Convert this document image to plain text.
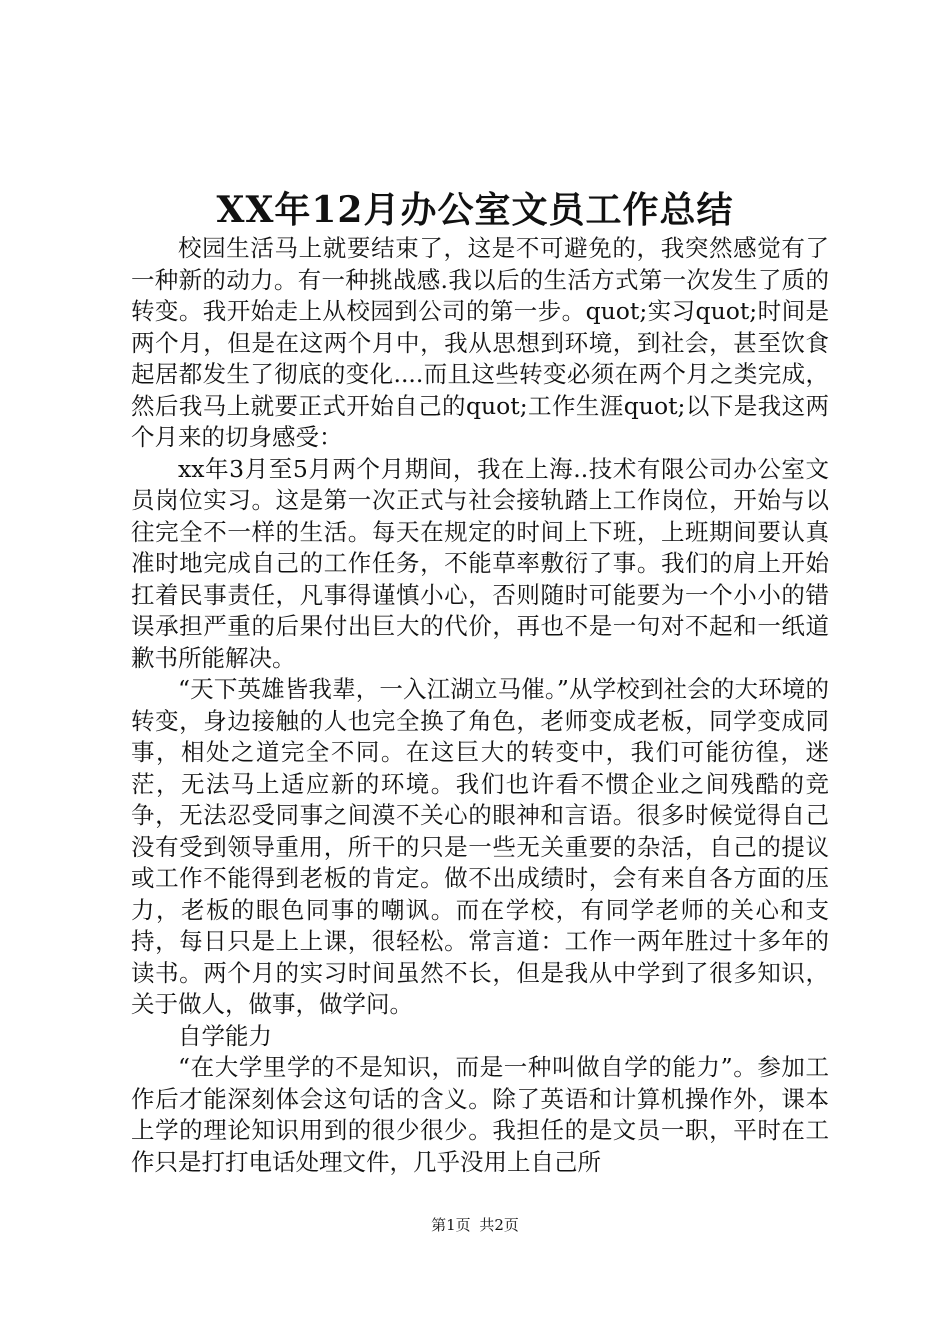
XX年12月办公室文员工作总结

校园生活马上就要结束了，这是不可避免的，我突然感觉有了一种新的动力。有一种挑战感.我以后的生活方式第一次发生了质的转变。我开始走上从校园到公司的第一步。quot;实习quot;时间是两个月，但是在这两个月中，我从思想到环境，到社会，甚至饮食起居都发生了彻底的变化....而且这些转变必须在两个月之类完成，然后我马上就要正式开始自己的quot;工作生涯quot;以下是我这两个月来的切身感受：

xx年3月至5月两个月期间，我在上海..技术有限公司办公室文员岗位实习。这是第一次正式与社会接轨踏上工作岗位，开始与以往完全不一样的生活。每天在规定的时间上下班，上班期间要认真准时地完成自己的工作任务，不能草率敷衍了事。我们的肩上开始扛着民事责任，凡事得谨慎小心，否则随时可能要为一个小小的错误承担严重的后果付出巨大的代价，再也不是一句对不起和一纸道歉书所能解决。

“天下英雄皆我辈，一入江湖立马催。”从学校到社会的大环境的转变，身边接触的人也完全换了角色，老师变成老板，同学变成同事，相处之道完全不同。在这巨大的转变中，我们可能彷徨，迷茫，无法马上适应新的环境。我们也许看不惯企业之间残酷的竞争，无法忍受同事之间漠不关心的眼神和言语。很多时候觉得自己没有受到领导重用，所干的只是一些无关重要的杂活，自己的提议或工作不能得到老板的肯定。做不出成绩时，会有来自各方面的压力，老板的眼色同事的嘲讽。而在学校，有同学老师的关心和支持，每日只是上上课，很轻松。常言道：工作一两年胜过十多年的读书。两个月的实习时间虽然不长，但是我从中学到了很多知识，关于做人，做事，做学问。

自学能力

“在大学里学的不是知识，而是一种叫做自学的能力”。参加工作后才能深刻体会这句话的含义。除了英语和计算机操作外，课本上学的理论知识用到的很少很少。我担任的是文员一职，平时在工作只是打打电话处理文件，几乎没用上自己所

第1页 共2页
